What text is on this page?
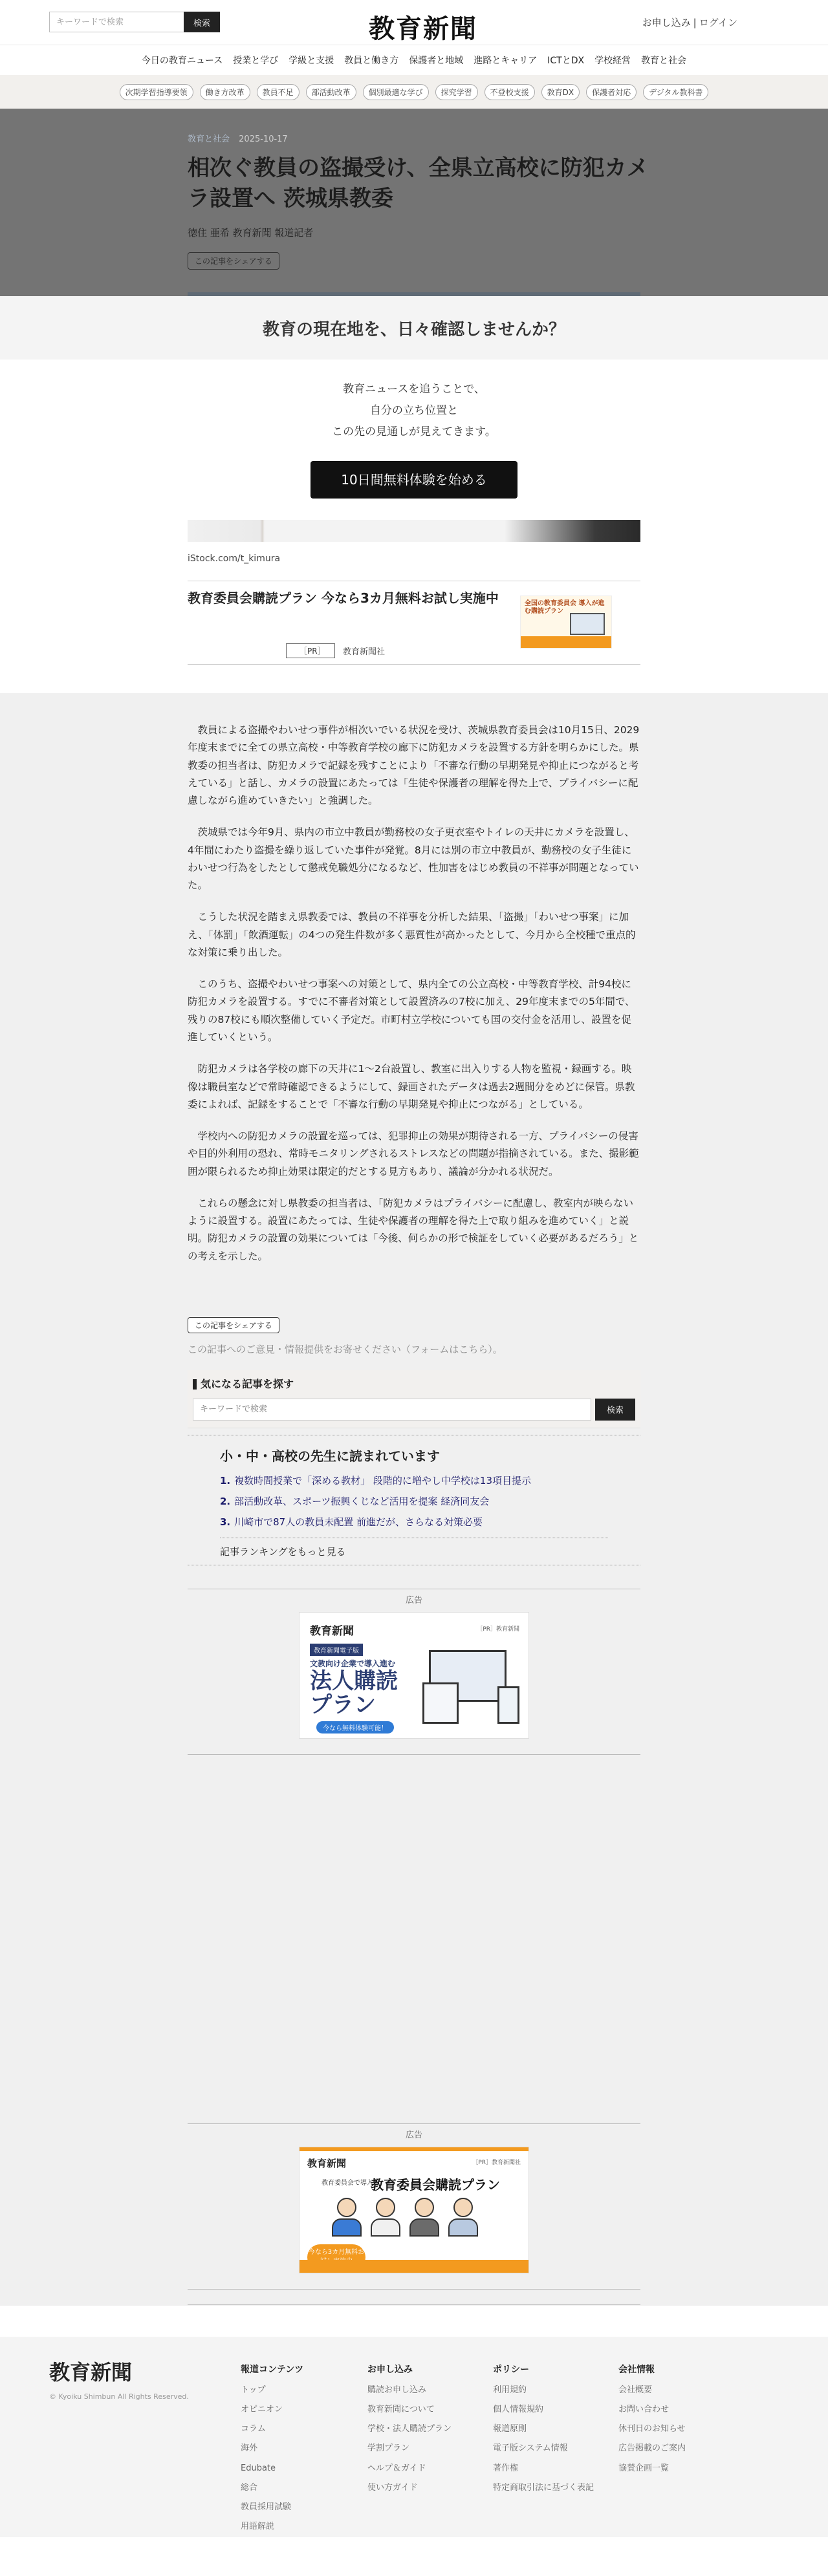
キーワードで検索
検索	教育新聞	お申し込み | ログイン
今日の教育ニュース 授業と学び 学級と支援 教員と働き方 保護者と地域 進路とキャリア ICTとDX 学校経営 教育と社会
次期学習指導要領	働き方改革	教員不足	部活動改革	個別最適な学び	探究学習	不登校支援	教育DX	保護者対応	デジタル教科書
教育と社会 2025-10-17
相次ぐ教員の盗撮受け、全県立高校に防犯カメラ設置へ 茨城県教委
徳住 亜希 教育新聞 報道記者
この記事をシェアする
教育の現在地を、日々確認しませんか？
教育ニュースを追うことで、
自分の立ち位置と
この先の見通しが見えてきます。
10日間無料体験を始める
iStock.com/t_kimura
教育委員会購読プラン 今なら3カ月無料お試し実施中
［PR］	教育新聞社
全国の教育委員会 導入が進む購読プラン

教員による盗撮やわいせつ事件が相次いでいる状況を受け、茨城県教育委員会は10月15日、2029年度末までに全ての県立高校・中等教育学校の廊下に防犯カメラを設置する方針を明らかにした。県教委の担当者は、防犯カメラで記録を残すことにより「不審な行動の早期発見や抑止につながると考えている」と話し、カメラの設置にあたっては「生徒や保護者の理解を得た上で、プライバシーに配慮しながら進めていきたい」と強調した。

茨城県では今年9月、県内の市立中教員が勤務校の女子更衣室やトイレの天井にカメラを設置し、4年間にわたり盗撮を繰り返していた事件が発覚。8月には別の市立中教員が、勤務校の女子生徒にわいせつ行為をしたとして懲戒免職処分になるなど、性加害をはじめ教員の不祥事が問題となっていた。

こうした状況を踏まえ県教委では、教員の不祥事を分析した結果、「盗撮」「わいせつ事案」に加え、「体罰」「飲酒運転」の4つの発生件数が多く悪質性が高かったとして、今月から全校種で重点的な対策に乗り出した。

このうち、盗撮やわいせつ事案への対策として、県内全ての公立高校・中等教育学校、計94校に防犯カメラを設置する。すでに不審者対策として設置済みの7校に加え、29年度末までの5年間で、残りの87校にも順次整備していく予定だ。市町村立学校についても国の交付金を活用し、設置を促進していくという。

防犯カメラは各学校の廊下の天井に1～2台設置し、教室に出入りする人物を監視・録画する。映像は職員室などで常時確認できるようにして、録画されたデータは過去2週間分をめどに保管。県教委によれば、記録をすることで「不審な行動の早期発見や抑止につながる」としている。

学校内への防犯カメラの設置を巡っては、犯罪抑止の効果が期待される一方、プライバシーの侵害や目的外利用の恐れ、常時モニタリングされるストレスなどの問題が指摘されている。また、撮影範囲が限られるため抑止効果は限定的だとする見方もあり、議論が分かれる状況だ。

これらの懸念に対し県教委の担当者は、「防犯カメラはプライバシーに配慮し、教室内が映らないように設置する。設置にあたっては、生徒や保護者の理解を得た上で取り組みを進めていく」と説明。防犯カメラの設置の効果については「今後、何らかの形で検証をしていく必要があるだろう」との考えを示した。

この記事をシェアする
この記事へのご意見・情報提供をお寄せください（フォームはこちら）。
気になる記事を探す
キーワードで検索
検索
小・中・高校の先生に読まれています
1. 複数時間授業で「深める教材」 段階的に増やし中学校は13項目提示
2. 部活動改革、スポーツ振興くじなど活用を提案 経済同友会
3. 川崎市で87人の教員未配置 前進だが、さらなる対策必要
記事ランキングをもっと見る
広告
教育新聞	［PR］教育新聞
教育新聞電子版
文教向け企業で導入進む
法人購読プラン
今なら無料体験可能！
広告
教育新聞	［PR］教育新聞社
教育委員会で導入
教育委員会購読プラン
今なら3カ月無料お
教育新聞
© Kyoiku Shimbun All Rights Reserved.
報道コンテンツ
トップ
オピニオン
コラム
海外
Edubate
総合
教員採用試験
用語解説
お申し込み
購読お申し込み
教育新聞について
学校・法人購読プラン
学割プラン
ヘルプ＆ガイド
使い方ガイド
ポリシー
利用規約
個人情報規約
報道原則
電子版システム情報
著作権
特定商取引法に基づく表記
会社情報
会社概要
お問い合わせ
休刊日のお知らせ
広告掲載のご案内
協賛企画一覧
